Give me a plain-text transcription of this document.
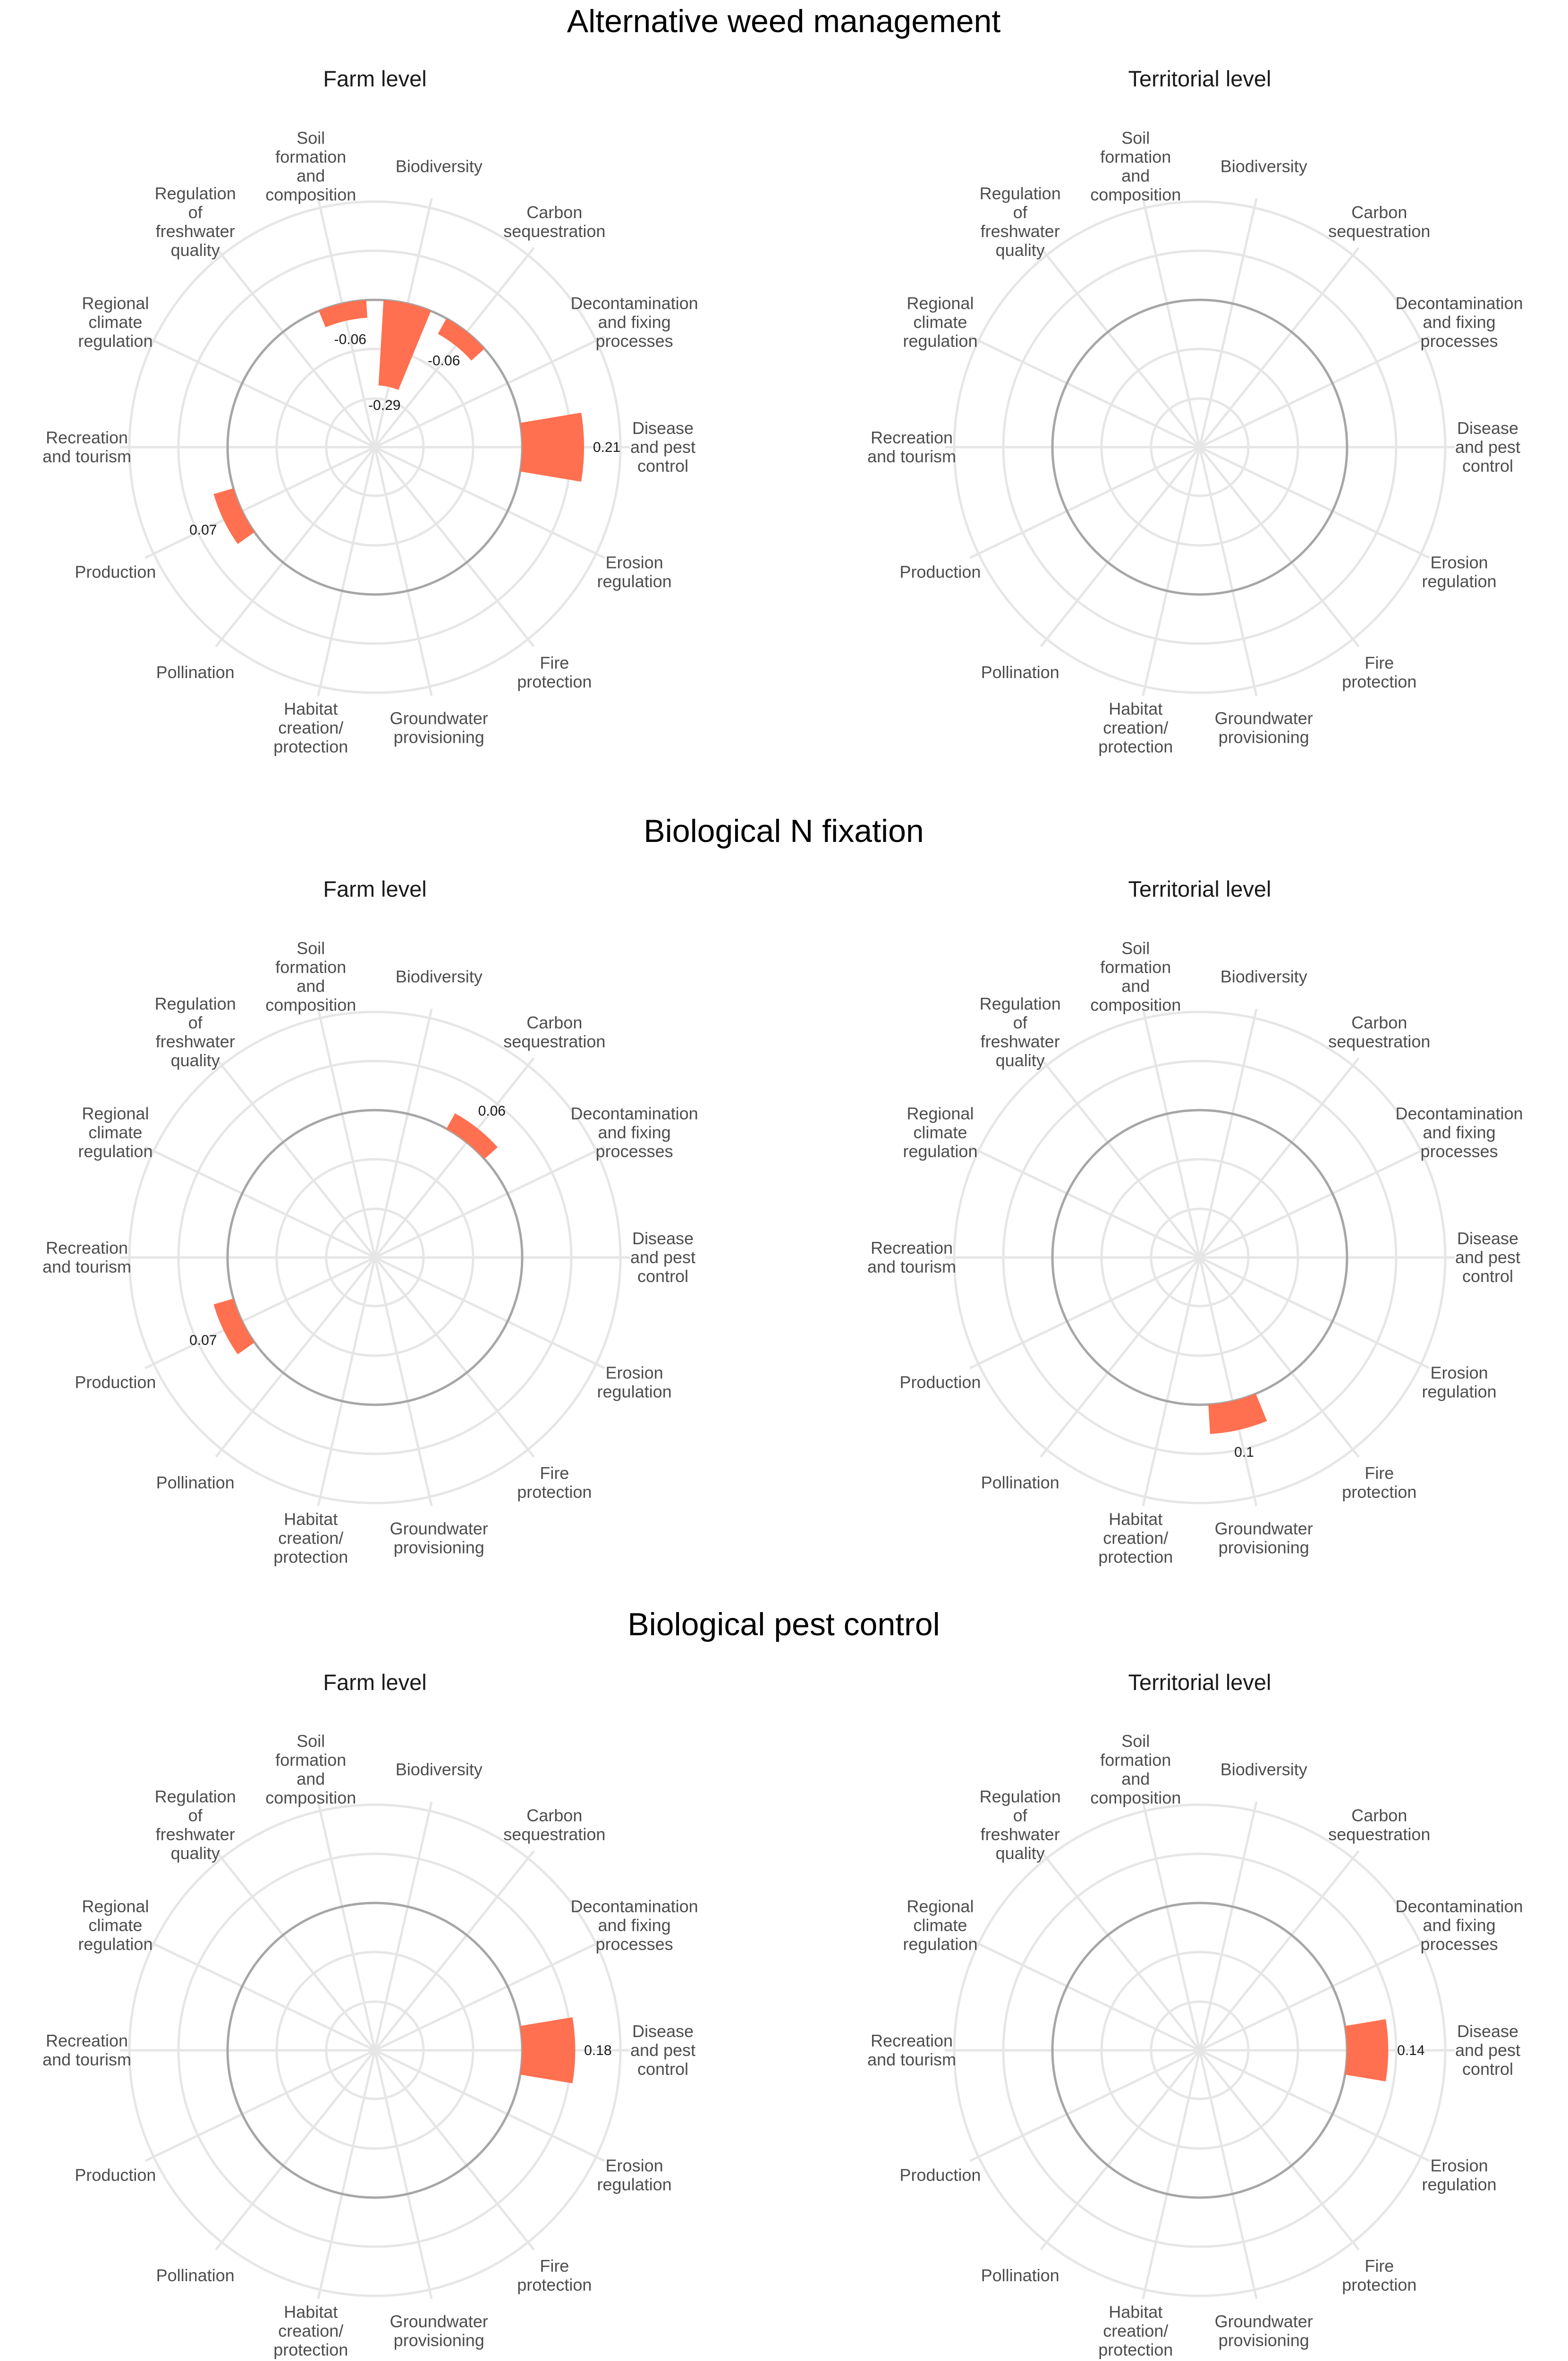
Alternative weed management
Farm level
-0.29
-0.06
0.21
0.07
-0.06
Biodiversity
Carbon sequestration
Decontamination and fixing processes
Disease and pest control
Erosion regulation
Fire protection
Groundwater provisioning
Habitat creation/ protection
Pollination
Production
Recreation and tourism
Regional climate regulation
Regulation of freshwater quality
Soil formation and composition
Territorial level
Biodiversity
Carbon sequestration
Decontamination and fixing processes
Disease and pest control
Erosion regulation
Fire protection
Groundwater provisioning
Habitat creation/ protection
Pollination
Production
Recreation and tourism
Regional climate regulation
Regulation of freshwater quality
Soil formation and composition
Biological N fixation
Farm level
0.06
0.07
Biodiversity
Carbon sequestration
Decontamination and fixing processes
Disease and pest control
Erosion regulation
Fire protection
Groundwater provisioning
Habitat creation/ protection
Pollination
Production
Recreation and tourism
Regional climate regulation
Regulation of freshwater quality
Soil formation and composition
Territorial level
0.1
Biodiversity
Carbon sequestration
Decontamination and fixing processes
Disease and pest control
Erosion regulation
Fire protection
Groundwater provisioning
Habitat creation/ protection
Pollination
Production
Recreation and tourism
Regional climate regulation
Regulation of freshwater quality
Soil formation and composition
Biological pest control
Farm level
0.18
Biodiversity
Carbon sequestration
Decontamination and fixing processes
Disease and pest control
Erosion regulation
Fire protection
Groundwater provisioning
Habitat creation/ protection
Pollination
Production
Recreation and tourism
Regional climate regulation
Regulation of freshwater quality
Soil formation and composition
Territorial level
0.14
Biodiversity
Carbon sequestration
Decontamination and fixing processes
Disease and pest control
Erosion regulation
Fire protection
Groundwater provisioning
Habitat creation/ protection
Pollination
Production
Recreation and tourism
Regional climate regulation
Regulation of freshwater quality
Soil formation and composition
